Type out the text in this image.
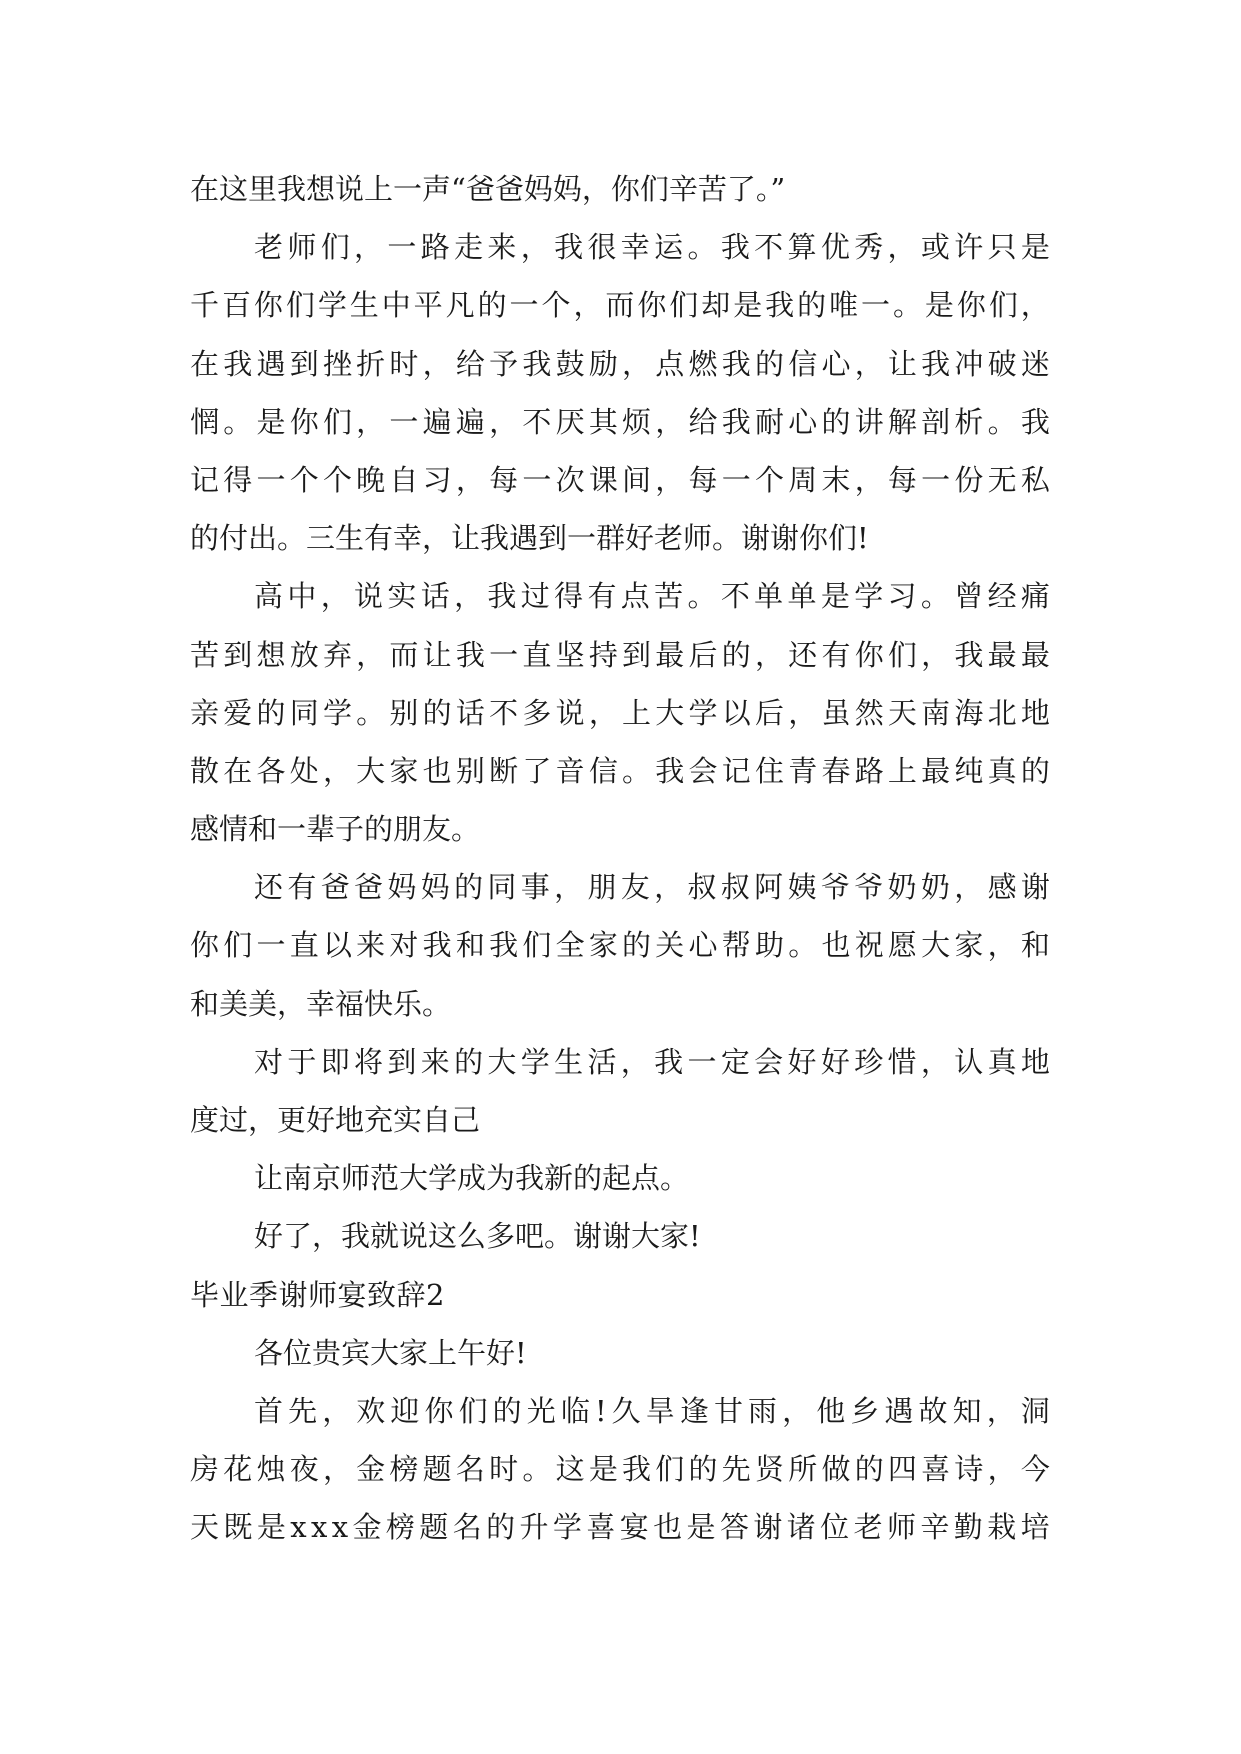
在这里我想说上一声“爸爸妈妈，你们辛苦了。”
老 师 们 ， 一 路 走 来 ， 我 很 幸 运 。 我 不 算 优 秀 ， 或 许 只 是
千 百 你 们 学 生 中 平 凡 的 一 个 ， 而 你 们 却 是 我 的 唯 一 。 是 你 们 ，
在 我 遇 到 挫 折 时 ， 给 予 我 鼓 励 ， 点 燃 我 的 信 心 ， 让 我 冲 破 迷
惘 。 是 你 们 ， 一 遍 遍 ， 不 厌 其 烦 ， 给 我 耐 心 的 讲 解 剖 析 。 我
记 得 一 个 个 晚 自 习 ， 每 一 次 课 间 ， 每 一 个 周 末 ， 每 一 份 无 私
的付出。三生有幸，让我遇到一群好老师。谢谢你们!
高 中 ， 说 实 话 ， 我 过 得 有 点 苦 。 不 单 单 是 学 习 。 曾 经 痛
苦 到 想 放 弃 ， 而 让 我 一 直 坚 持 到 最 后 的 ， 还 有 你 们 ， 我 最 最
亲 爱 的 同 学 。 别 的 话 不 多 说 ， 上 大 学 以 后 ， 虽 然 天 南 海 北 地
散 在 各 处 ， 大 家 也 别 断 了 音 信 。 我 会 记 住 青 春 路 上 最 纯 真 的
感情和一辈子的朋友。
还 有 爸 爸 妈 妈 的 同 事 ， 朋 友 ， 叔 叔 阿 姨 爷 爷 奶 奶 ， 感 谢
你 们 一 直 以 来 对 我 和 我 们 全 家 的 关 心 帮 助 。 也 祝 愿 大 家 ， 和
和美美，幸福快乐。
对 于 即 将 到 来 的 大 学 生 活 ， 我 一 定 会 好 好 珍 惜 ， 认 真 地
度过，更好地充实自己
让南京师范大学成为我新的起点。
好了，我就说这么多吧。谢谢大家!
毕业季谢师宴致辞2
各位贵宾大家上午好!
首 先 ， 欢 迎 你 们 的 光 临 ! 久 旱 逢 甘 雨 ， 他 乡 遇 故 知 ， 洞
房 花 烛 夜 ， 金 榜 题 名 时 。 这 是 我 们 的 先 贤 所 做 的 四 喜 诗 ， 今
天 既 是 x x x 金 榜 题 名 的 升 学 喜 宴 也 是 答 谢 诸 位 老 师 辛 勤 栽 培
